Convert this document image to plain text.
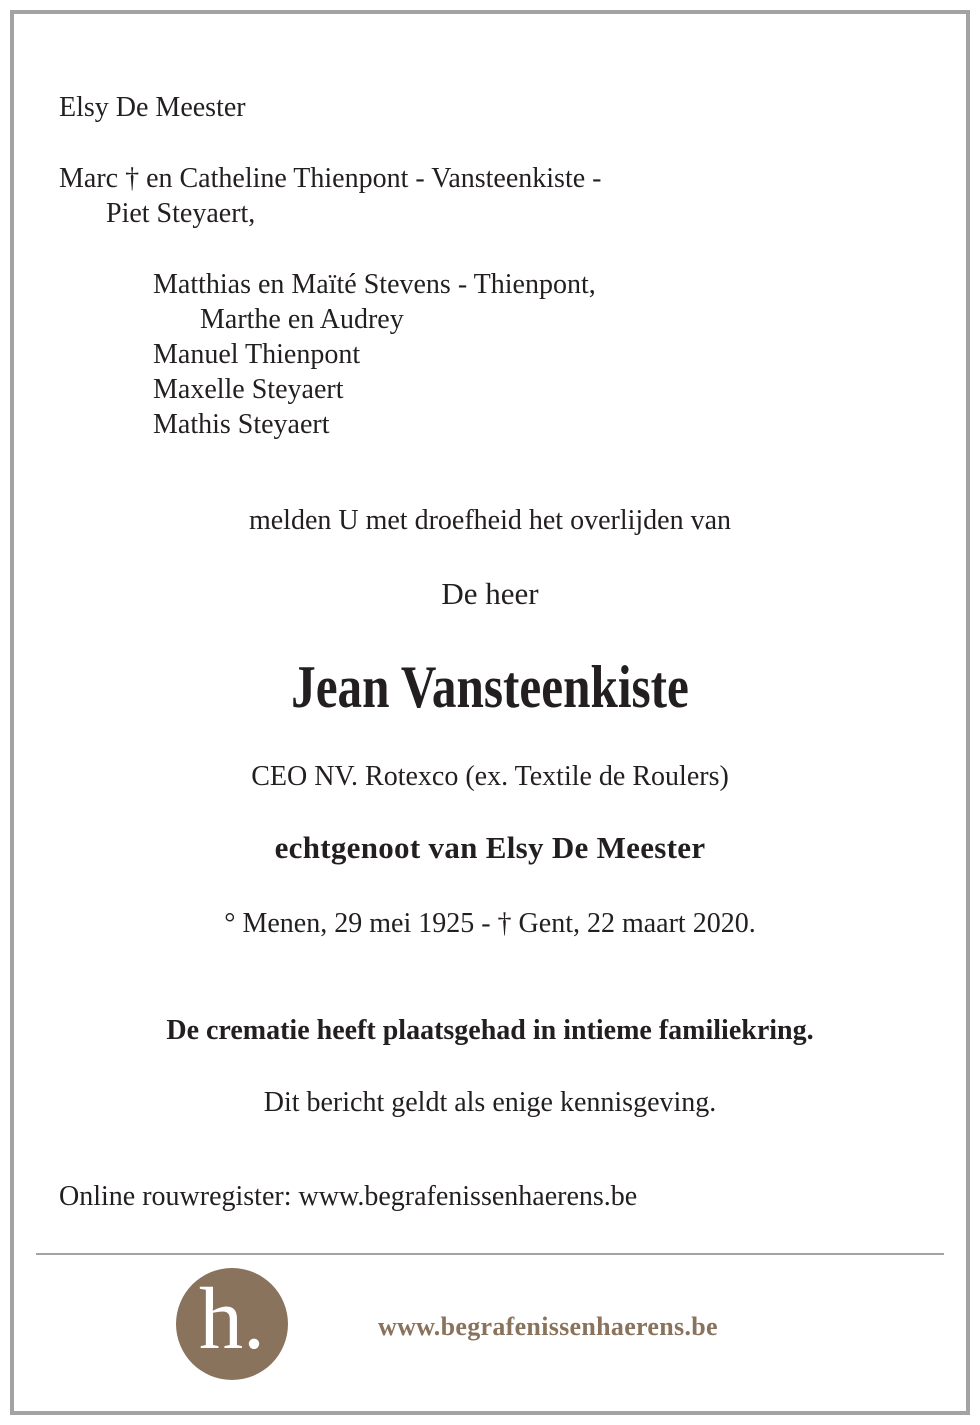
Elsy De Meester
Marc † en Catheline Thienpont - Vansteenkiste -
Piet Steyaert,
Matthias en Maïté Stevens - Thienpont,
Marthe en Audrey
Manuel Thienpont
Maxelle Steyaert
Mathis Steyaert
melden U met droefheid het overlijden van
De heer
Jean Vansteenkiste
CEO NV. Rotexco (ex. Textile de Roulers)
echtgenoot van Elsy De Meester
° Menen, 29 mei 1925 - † Gent, 22 maart 2020.
De crematie heeft plaatsgehad in intieme familiekring.
Dit bericht geldt als enige kennisgeving.
Online rouwregister: www.begrafenissenhaerens.be
h.	www.begrafenissenhaerens.be
